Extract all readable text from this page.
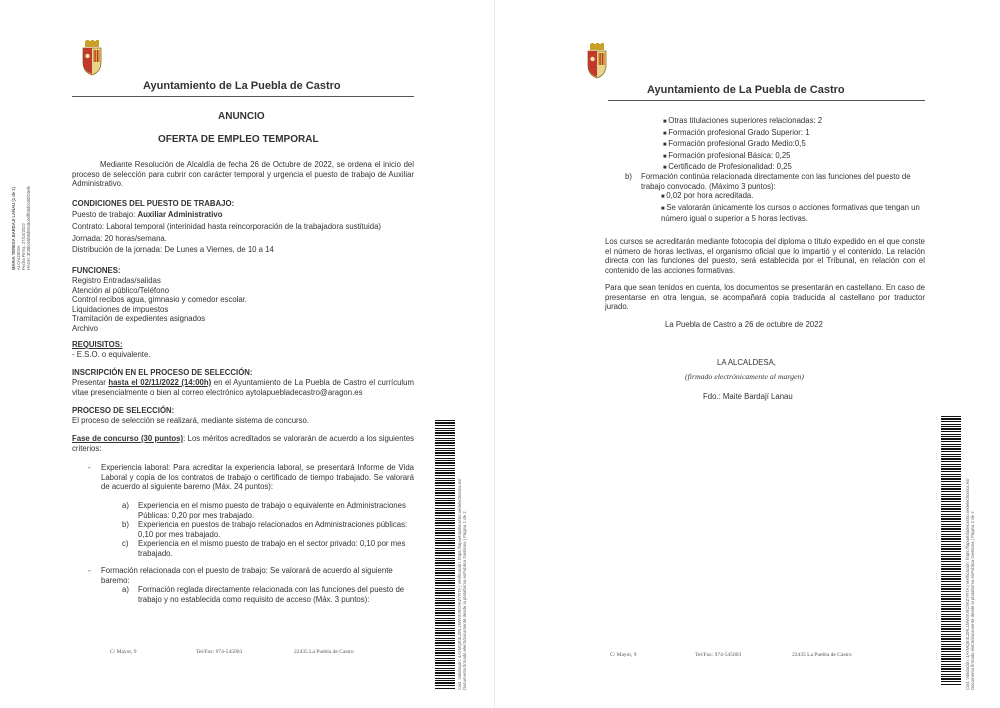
Ayuntamiento de La Puebla de Castro
MARIA TERESA BARDAJI LANAU (1 de 1) ALCALDESA Fecha Firma: 27/10/2022 HASH: 3f28bc66b8d06c8ce0ff08d0c90f24efe
ANUNCIO
OFERTA DE EMPLEO TEMPORAL
Mediante Resolución de Alcaldía de fecha 26 de Octubre de 2022, se ordena el inicio del proceso de selección para cubrir con carácter temporal y urgencia el puesto de trabajo de Auxiliar Administrativo.
CONDICIONES DEL PUESTO DE TRABAJO:
Puesto de trabajo: Auxiliar Administrativo
Contrato: Laboral temporal (interinidad hasta reincorporación de la trabajadora sustituida)
Jornada: 20 horas/semana.
Distribución de la jornada: De Lunes a Viernes, de 10 a 14
FUNCIONES:
Registro Entradas/salidas
Atención al público/Teléfono
Control recibos agua, gimnasio y comedor escolar.
Liquidaciones de impuestos
Tramitación de expedientes asignados
Archivo
REQUISITOS:
- E.S.O. o equivalente.
INSCRIPCIÓN EN EL PROCESO DE SELECCIÓN:
Presentar hasta el 02/11/2022 (14:00h) en el Ayuntamiento de La Puebla de Castro el currículum vitae presencialmente o bien al correo electrónico aytolapuebladecastro@aragon.es
PROCESO DE SELECCIÓN:
El proceso de selección se realizará, mediante sistema de concurso.
Fase de concurso (30 puntos): Los méritos acreditados se valorarán de acuerdo a los siguientes criterios:
- Experiencia laboral: Para acreditar la experiencia laboral, se presentará Informe de Vida Laboral y copia de los contratos de trabajo o certificado de tiempo trabajado. Se valorará de acuerdo al siguiente baremo (Máx. 24 puntos):
a) Experiencia en el mismo puesto de trabajo o equivalente en Administraciones Públicas: 0,20 por mes trabajado.
b) Experiencia en puestos de trabajo relacionados en Administraciones públicas: 0,10 por mes trabajado.
c) Experiencia en el mismo puesto de trabajo en el sector privado: 0,10 por mes trabajado.
- Formación relacionada con el puesto de trabajo: Se valorará de acuerdo al siguiente baremo:
a) Formación reglada directamente relacionada con las funciones del puesto de trabajo y no establecida como requisito de acceso (Máx. 3 puntos):
C/ Mayor, 9	Tel/Fax: 974-545003	22435 La Puebla de Castro	Cód. Validación: 4AYMQE4LZRLLMW3V5C9KZYRTA | Verificación: https://lapuebladecastro.sedelectronica.es/ Documento firmado electrónicamente desde la plataforma esPublico Gestiona | Página 1 de 2
Ayuntamiento de La Puebla de Castro
■ Otras titulaciones superiores relacionadas: 2
■ Formación profesional Grado Superior: 1
■ Formación profesional Grado Medio:0,5
■ Formación profesional Básica: 0,25
■ Certificado de Profesionalidad: 0,25
b) Formación continúa relacionada directamente con las funciones del puesto de trabajo convocado. (Máximo 3 puntos):
■ 0,02 por hora acreditada.
■ Se valorarán únicamente los cursos o acciones formativas que tengan un número igual o superior a 5 horas lectivas.
Los cursos se acreditarán mediante fotocopia del diploma o título expedido en el que conste el número de horas lectivas, el organismo oficial que lo impartió y el contenido. La relación directa con las funciones del puesto, será establecida por el Tribunal, en relación con el contenido de las acciones formativas.
Para que sean tenidos en cuenta, los documentos se presentarán en castellano. En caso de presentarse en otra lengua, se acompañará copia traducida al castellano por traductor jurado.
La Puebla de Castro a 26 de octubre de 2022
LA ALCALDESA,
(firmado electrónicamente al margen)
Fdo.: Maite Bardají Lanau
C/ Mayor, 9	Tel/Fax: 974-545003	22435 La Puebla de Castro	Cód. Validación: 4AYMQE4LZRLLMW3V5C9KZYRTA | Verificación: https://lapuebladecastro.sedelectronica.es/ Documento firmado electrónicamente desde la plataforma esPublico Gestiona | Página 2 de 2
